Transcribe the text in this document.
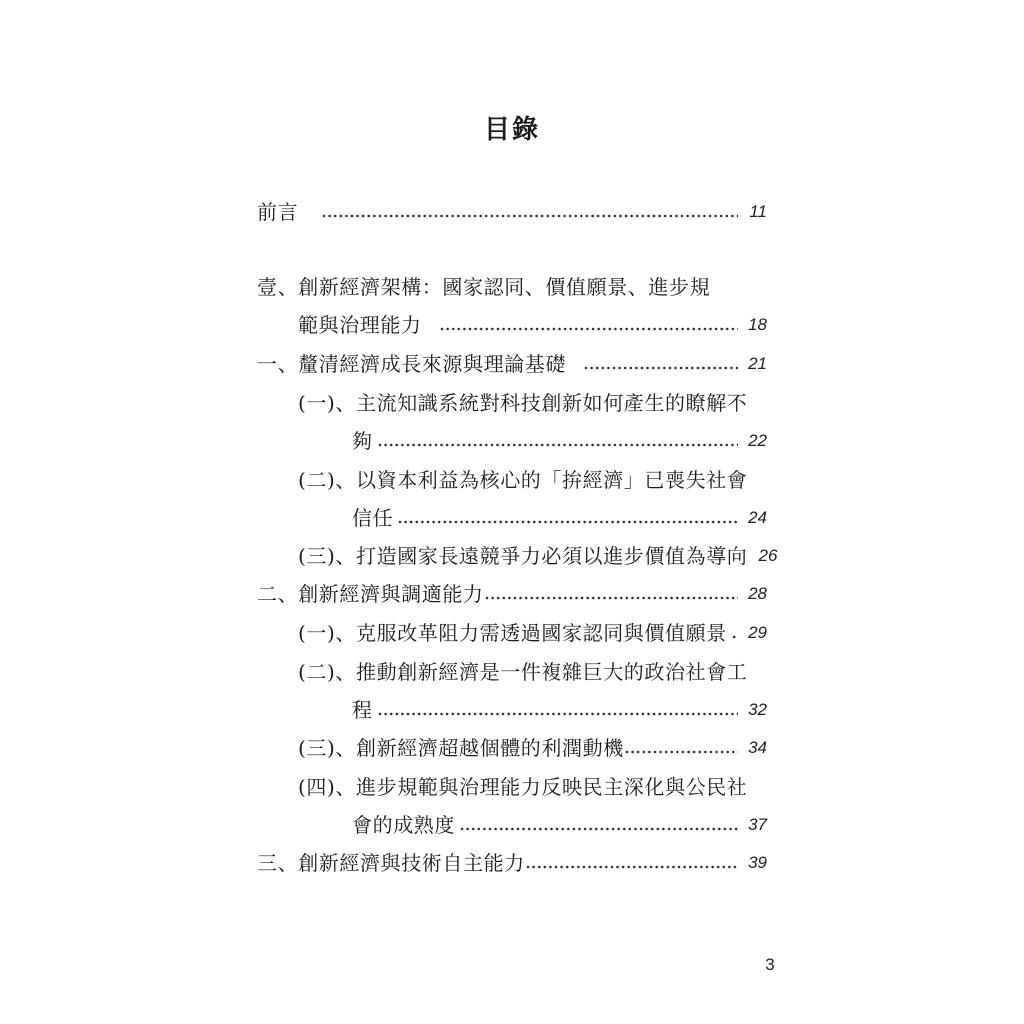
目錄
前言	11
壹、創新經濟架構：國家認同、價值願景、進步規
範與治理能力	18
一、釐清經濟成長來源與理論基礎	21
(一)、主流知識系統對科技創新如何產生的瞭解不
夠	22
(二)、以資本利益為核心的「拚經濟」已喪失社會
信任	24
(三)、打造國家長遠競爭力必須以進步價值為導向 26
二、創新經濟與調適能力	28
(一)、克服改革阻力需透過國家認同與價值願景 29
(二)、推動創新經濟是一件複雜巨大的政治社會工
程	32
(三)、創新經濟超越個體的利潤動機	34
(四)、進步規範與治理能力反映民主深化與公民社
會的成熟度	37
三、創新經濟與技術自主能力	39
3
